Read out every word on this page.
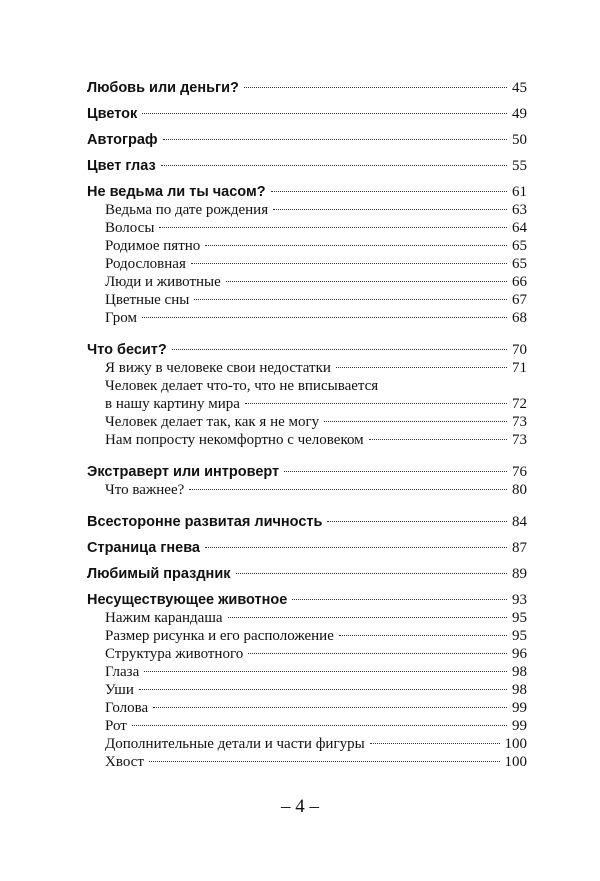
Любовь или деньги?	45
Цветок	49
Автограф	50
Цвет глаз	55
Не ведьма ли ты часом?	61
Ведьма по дате рождения	63
Волосы	64
Родимое пятно	65
Родословная	65
Люди и животные	66
Цветные сны	67
Гром	68
Что бесит?	70
Я вижу в человеке свои недостатки	71
Человек делает что-то, что не вписывается
в нашу картину мира	72
Человек делает так, как я не могу	73
Нам попросту некомфортно с человеком	73
Экстраверт или интроверт	76
Что важнее?	80
Всесторонне развитая личность	84
Страница гнева	87
Любимый праздник	89
Несуществующее животное	93
Нажим карандаша	95
Размер рисунка и его расположение	95
Структура животного	96
Глаза	98
Уши	98
Голова	99
Рот	99
Дополнительные детали и части фигуры	100
Хвост	100
– 4 –
